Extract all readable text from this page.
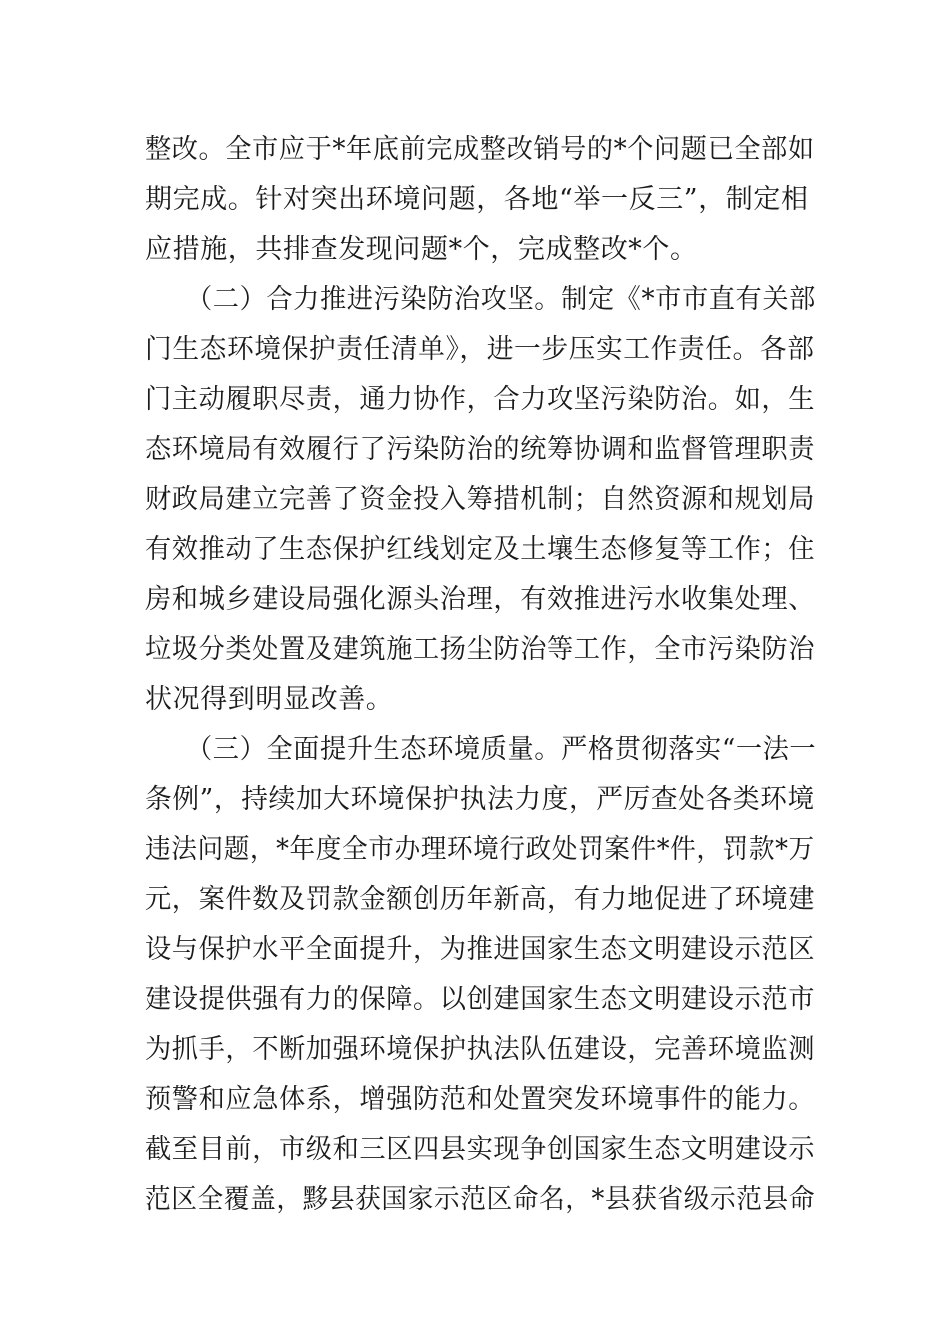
整改。全市应于*年底前完成整改销号的*个问题已全部如
期完成。针对突出环境问题，各地“举一反三”，制定相
应措施，共排查发现问题*个，完成整改*个。
（二）合力推进污染防治攻坚。制定《*市市直有关部
门生态环境保护责任清单》，进一步压实工作责任。各部
门主动履职尽责，通力协作，合力攻坚污染防治。如，生
态环境局有效履行了污染防治的统筹协调和监督管理职责
财政局建立完善了资金投入筹措机制；自然资源和规划局
有效推动了生态保护红线划定及土壤生态修复等工作；住
房和城乡建设局强化源头治理，有效推进污水收集处理、
垃圾分类处置及建筑施工扬尘防治等工作，全市污染防治
状况得到明显改善。
（三）全面提升生态环境质量。严格贯彻落实“一法一
条例”，持续加大环境保护执法力度，严厉查处各类环境
违法问题，*年度全市办理环境行政处罚案件*件，罚款*万
元，案件数及罚款金额创历年新高，有力地促进了环境建
设与保护水平全面提升，为推进国家生态文明建设示范区
建设提供强有力的保障。以创建国家生态文明建设示范市
为抓手，不断加强环境保护执法队伍建设，完善环境监测
预警和应急体系，增强防范和处置突发环境事件的能力。
截至目前，市级和三区四县实现争创国家生态文明建设示
范区全覆盖，黟县获国家示范区命名，*县获省级示范县命
